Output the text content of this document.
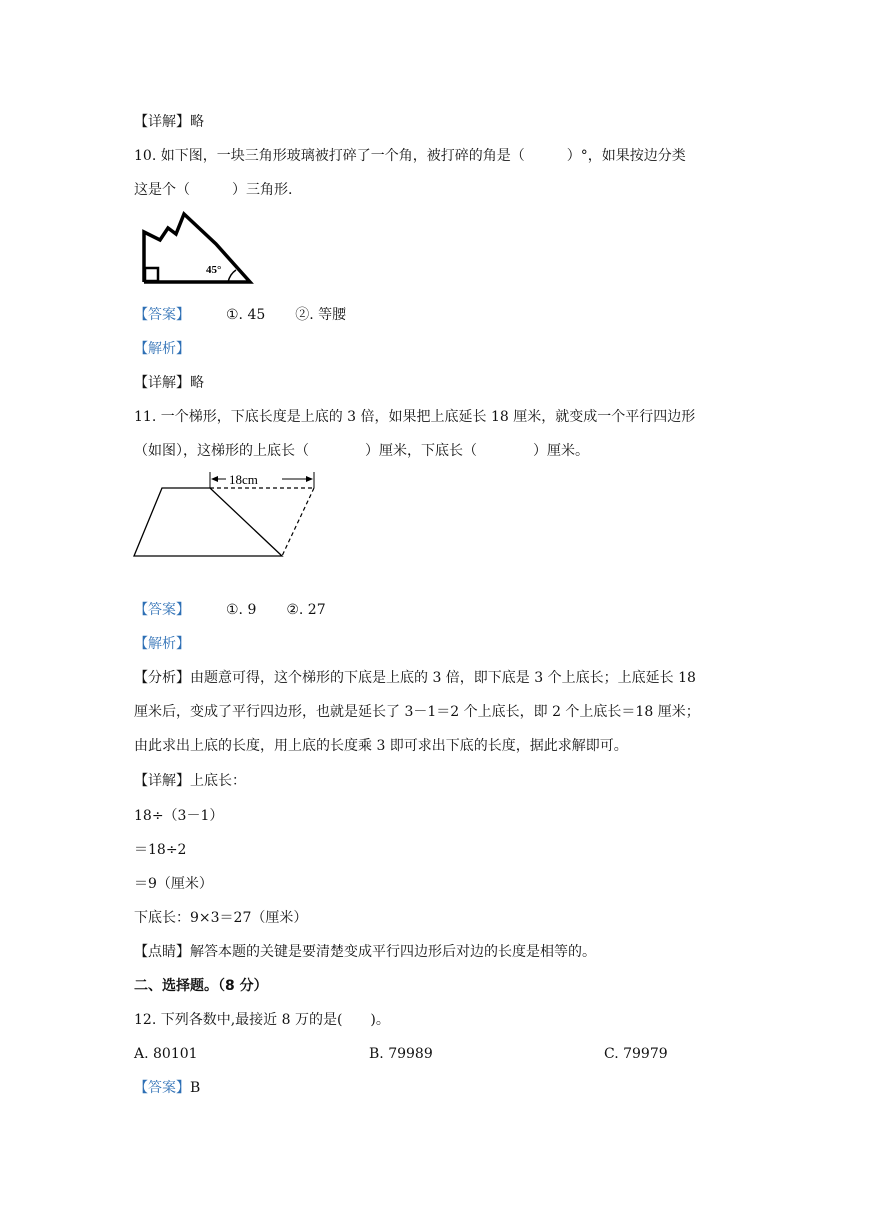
【详解】略
10. 如下图，一块三角形玻璃被打碎了一个角，被打碎的角是（　　　）°，如果按边分类
这是个（　　　）三角形.
45°
【答案】	①. 45 ②. 等腰
【解析】
【详解】略
11. 一个梯形，下底长度是上底的 3 倍，如果把上底延长 18 厘米，就变成一个平行四边形
（如图），这梯形的上底长（　　　　）厘米，下底长（　　　　）厘米。
18cm
【答案】	①. 9 ②. 27
【解析】
【分析】由题意可得，这个梯形的下底是上底的 3 倍，即下底是 3 个上底长；上底延长 18
厘米后，变成了平行四边形，也就是延长了 3－1＝2 个上底长，即 2 个上底长＝18 厘米；
由此求出上底的长度，用上底的长度乘 3 即可求出下底的长度，据此求解即可。
【详解】上底长：
18÷（3－1）
＝18÷2
＝9（厘米）
下底长：9×3＝27（厘米）
【点睛】解答本题的关键是要清楚变成平行四边形后对边的长度是相等的。
二、选择题。（8 分）
12. 下列各数中,最接近 8 万的是(　　)。
A. 80101	B. 79989	C. 79979
【答案】B
